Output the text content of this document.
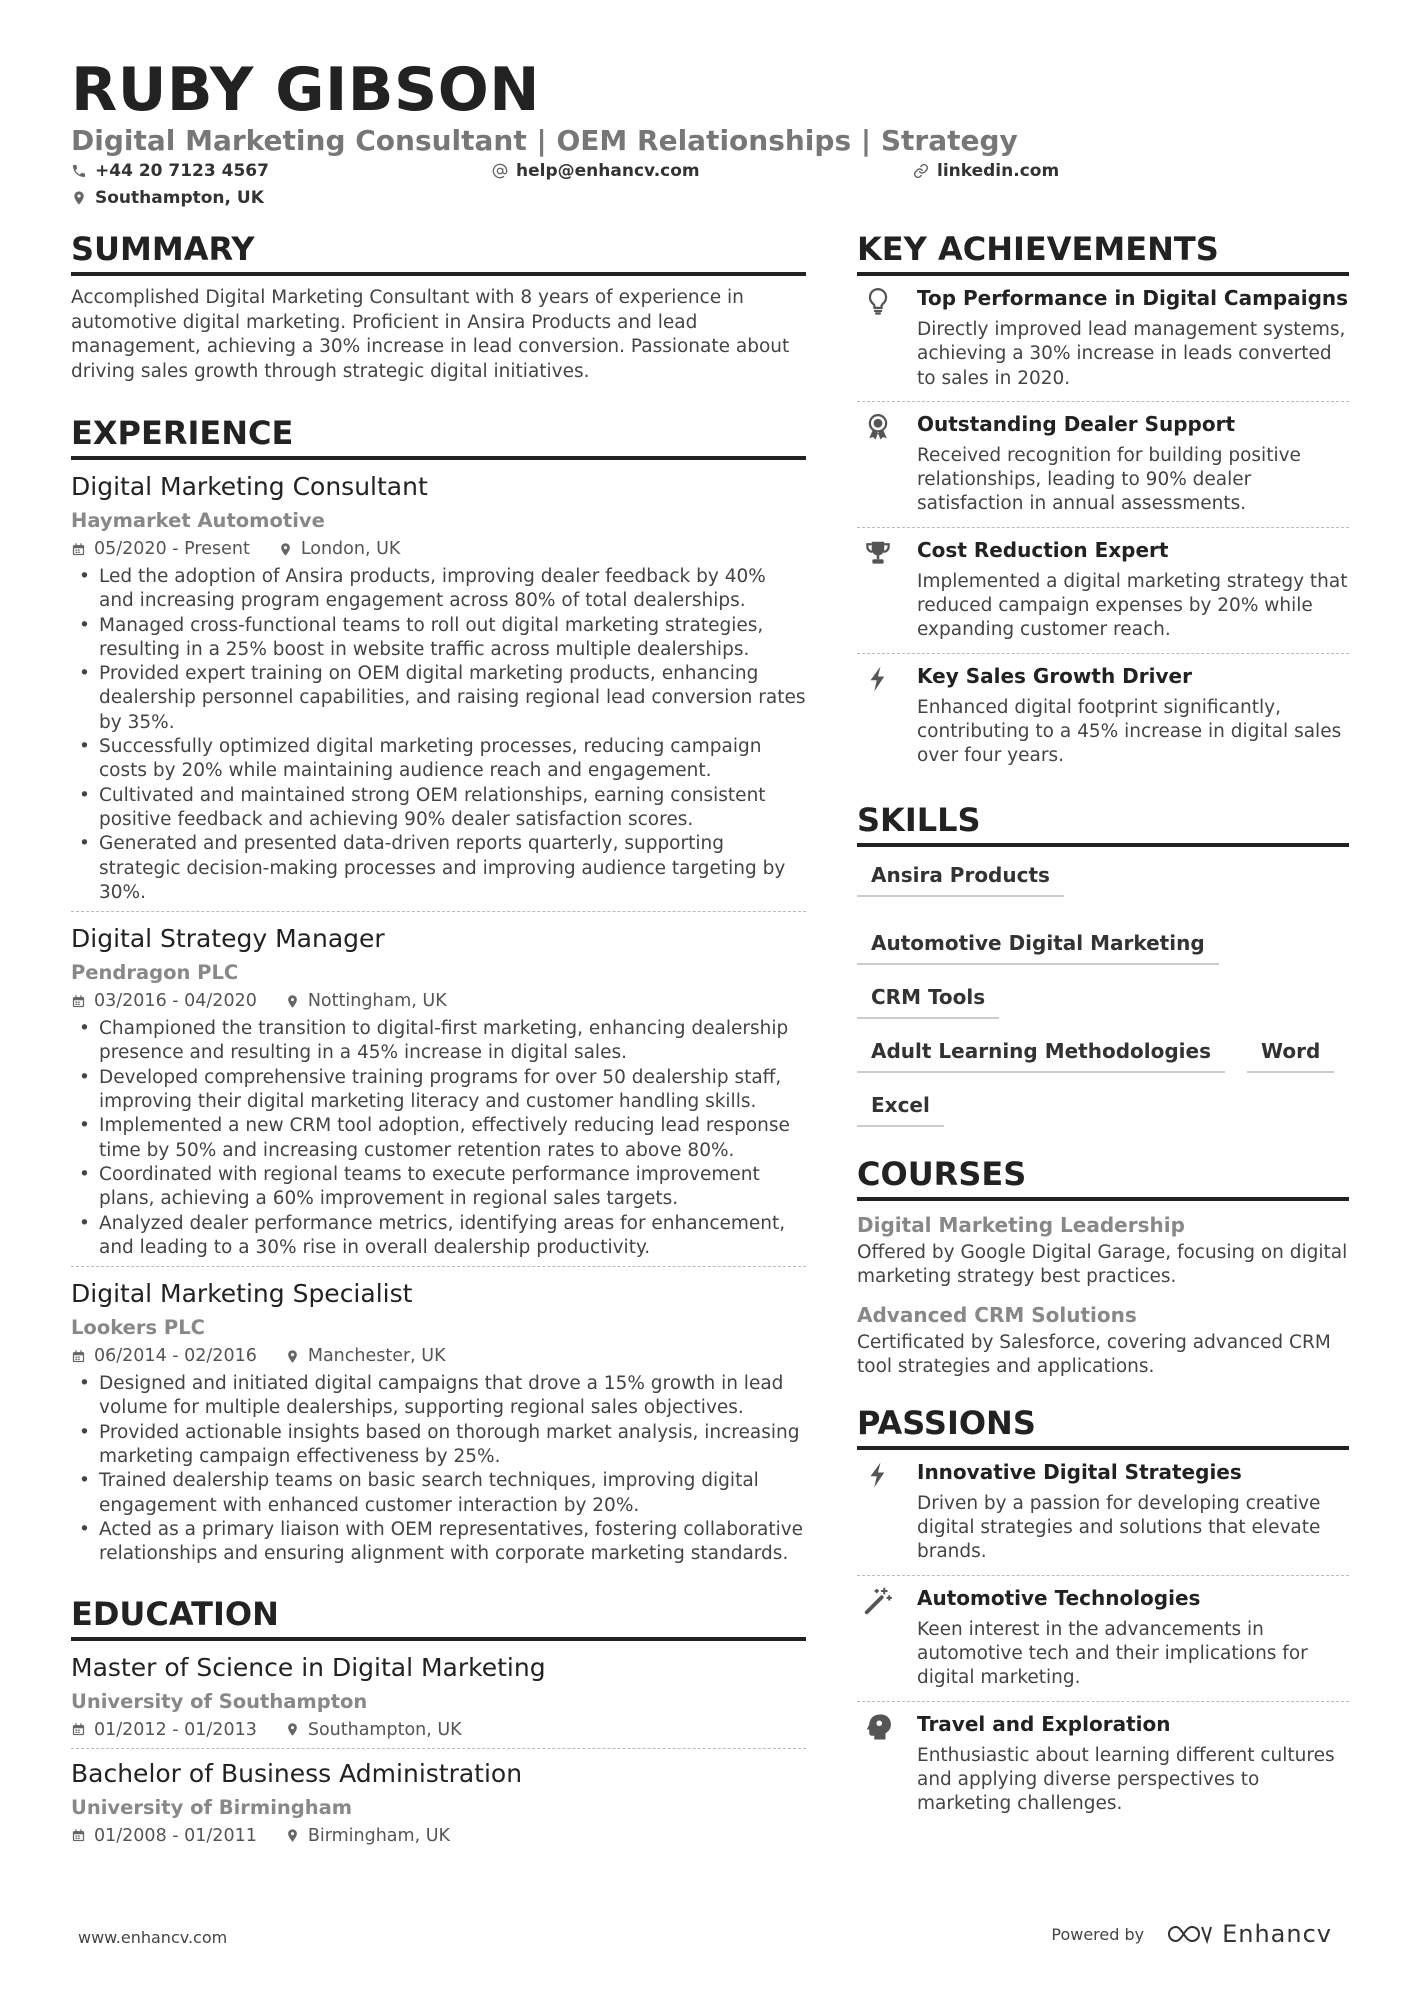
RUBY GIBSON
Digital Marketing Consultant | OEM Relationships | Strategy
+44 20 7123 4567	help@enhancv.com	linkedin.com
Southampton, UK
SUMMARY
Accomplished Digital Marketing Consultant with 8 years of experience in automotive digital marketing. Proficient in Ansira Products and lead management, achieving a 30% increase in lead conversion. Passionate about driving sales growth through strategic digital initiatives.
EXPERIENCE
Digital Marketing Consultant
Haymarket Automotive
05/2020 - Present	London, UK
• Led the adoption of Ansira products, improving dealer feedback by 40% and increasing program engagement across 80% of total dealerships.
• Managed cross-functional teams to roll out digital marketing strategies, resulting in a 25% boost in website traffic across multiple dealerships.
• Provided expert training on OEM digital marketing products, enhancing dealership personnel capabilities, and raising regional lead conversion rates by 35%.
• Successfully optimized digital marketing processes, reducing campaign costs by 20% while maintaining audience reach and engagement.
• Cultivated and maintained strong OEM relationships, earning consistent positive feedback and achieving 90% dealer satisfaction scores.
• Generated and presented data-driven reports quarterly, supporting strategic decision-making processes and improving audience targeting by 30%.
Digital Strategy Manager
Pendragon PLC
03/2016 - 04/2020	Nottingham, UK
• Championed the transition to digital-first marketing, enhancing dealership presence and resulting in a 45% increase in digital sales.
• Developed comprehensive training programs for over 50 dealership staff, improving their digital marketing literacy and customer handling skills.
• Implemented a new CRM tool adoption, effectively reducing lead response time by 50% and increasing customer retention rates to above 80%.
• Coordinated with regional teams to execute performance improvement plans, achieving a 60% improvement in regional sales targets.
• Analyzed dealer performance metrics, identifying areas for enhancement, and leading to a 30% rise in overall dealership productivity.
Digital Marketing Specialist
Lookers PLC
06/2014 - 02/2016	Manchester, UK
• Designed and initiated digital campaigns that drove a 15% growth in lead volume for multiple dealerships, supporting regional sales objectives.
• Provided actionable insights based on thorough market analysis, increasing marketing campaign effectiveness by 25%.
• Trained dealership teams on basic search techniques, improving digital engagement with enhanced customer interaction by 20%.
• Acted as a primary liaison with OEM representatives, fostering collaborative relationships and ensuring alignment with corporate marketing standards.
EDUCATION
Master of Science in Digital Marketing
University of Southampton
01/2012 - 01/2013	Southampton, UK
Bachelor of Business Administration
University of Birmingham
01/2008 - 01/2011	Birmingham, UK
KEY ACHIEVEMENTS
Top Performance in Digital Campaigns
Directly improved lead management systems, achieving a 30% increase in leads converted to sales in 2020.
Outstanding Dealer Support
Received recognition for building positive relationships, leading to 90% dealer satisfaction in annual assessments.
Cost Reduction Expert
Implemented a digital marketing strategy that reduced campaign expenses by 20% while expanding customer reach.
Key Sales Growth Driver
Enhanced digital footprint significantly, contributing to a 45% increase in digital sales over four years.
SKILLS
Ansira Products
Automotive Digital Marketing
CRM Tools
Adult Learning Methodologies	Word
Excel
COURSES
Digital Marketing Leadership
Offered by Google Digital Garage, focusing on digital marketing strategy best practices.
Advanced CRM Solutions
Certificated by Salesforce, covering advanced CRM tool strategies and applications.
PASSIONS
Innovative Digital Strategies
Driven by a passion for developing creative digital strategies and solutions that elevate brands.
Automotive Technologies
Keen interest in the advancements in automotive tech and their implications for digital marketing.
Travel and Exploration
Enthusiastic about learning different cultures and applying diverse perspectives to marketing challenges.
www.enhancv.com	Powered by	Enhancv
